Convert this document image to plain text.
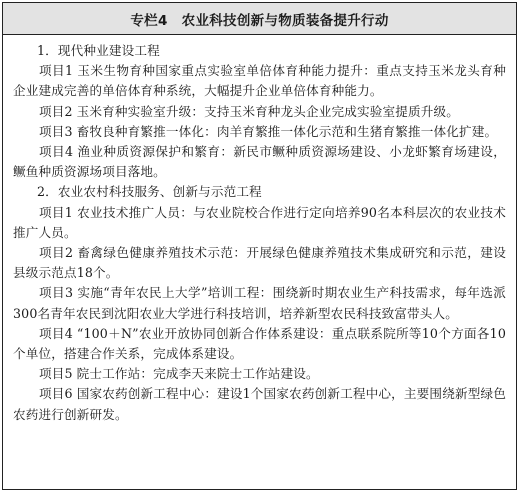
专栏4 农业科技创新与物质装备提升行动

1．现代种业建设工程

项目1 玉米生物育种国家重点实验室单倍体育种能力提升：重点支持玉米龙头育种企业建成完善的单倍体育种系统，大幅提升企业单倍体育种能力。

项目2 玉米育种实验室升级：支持玉米育种龙头企业完成实验室提质升级。

项目3 畜牧良种育繁推一体化：肉羊育繁推一体化示范和生猪育繁推一体化扩建。

项目4 渔业种质资源保护和繁育：新民市鳜种质资源场建设、小龙虾繁育场建设，鳜鱼种质资源场项目落地。

2．农业农村科技服务、创新与示范工程

项目1 农业技术推广人员：与农业院校合作进行定向培养90名本科层次的农业技术推广人员。

项目2 畜禽绿色健康养殖技术示范：开展绿色健康养殖技术集成研究和示范，建设县级示范点18个。

项目3 实施“青年农民上大学”培训工程：围绕新时期农业生产科技需求，每年选派300名青年农民到沈阳农业大学进行科技培训，培养新型农民科技致富带头人。

项目4 “100＋N”农业开放协同创新合作体系建设：重点联系院所等10个方面各10个单位，搭建合作关系，完成体系建设。

项目5 院士工作站：完成李天来院士工作站建设。

项目6 国家农药创新工程中心：建设1个国家农药创新工程中心，主要围绕新型绿色农药进行创新研发。
